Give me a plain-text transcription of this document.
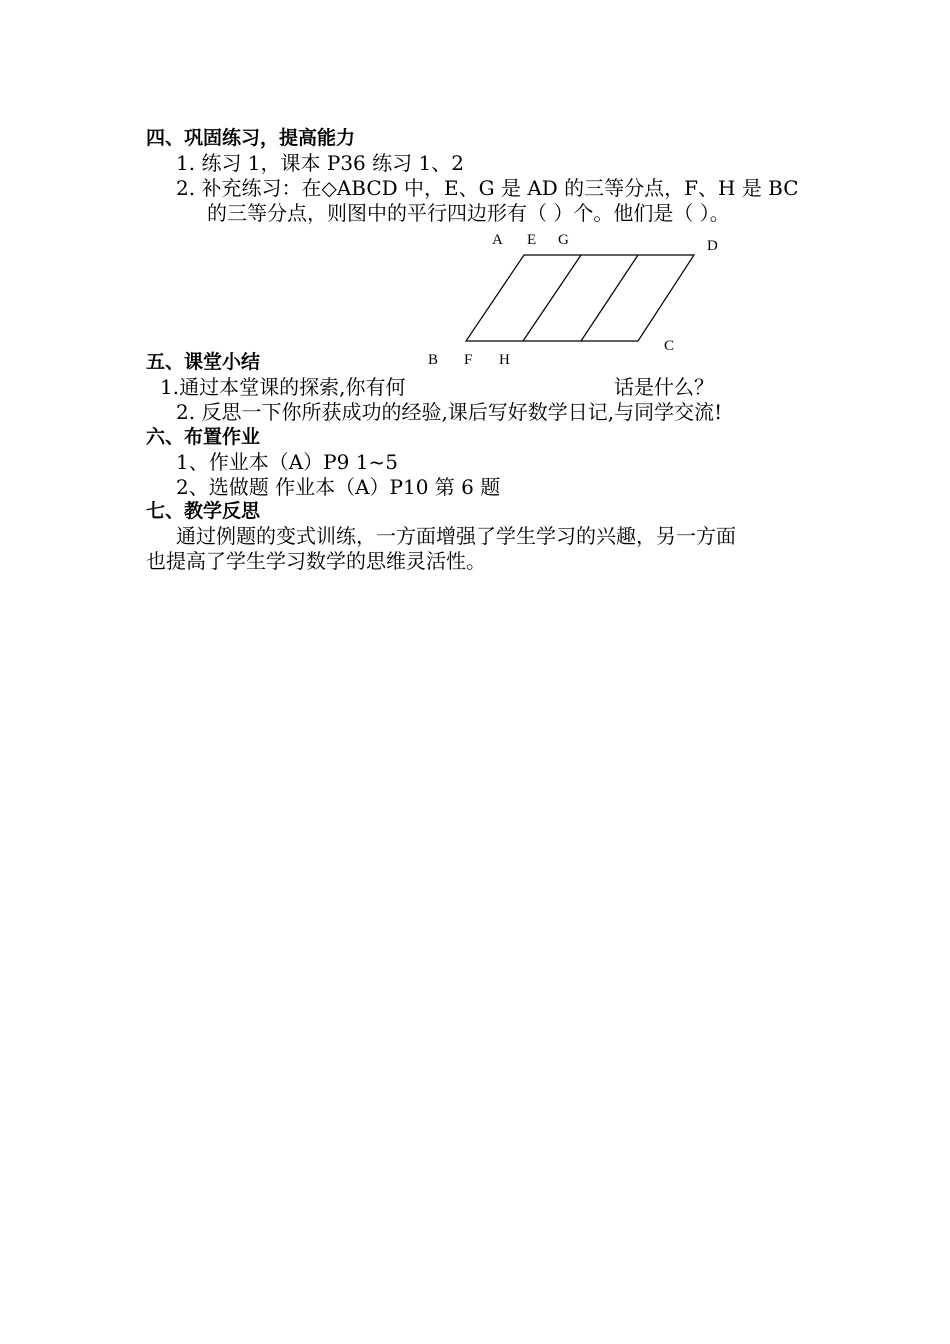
四、巩固练习，提高能力
1. 练习 1，课本 P36 练习 1、2
2. 补充练习：在◇ABCD 中，E、G 是 AD 的三等分点，F、H 是 BC
的三等分点，则图中的平行四边形有（ ）个。他们是（ ）。
A E G	D
C
五、课堂小结	B F H
1.通过本堂课的探索,你有何	话是什么？
2. 反思一下你所获成功的经验,课后写好数学日记,与同学交流!
六、布置作业
1、作业本（A）P9 1~5
2、选做题 作业本（A）P10 第 6 题
七、教学反思
通过例题的变式训练，一方面增强了学生学习的兴趣，另一方面
也提高了学生学习数学的思维灵活性。
